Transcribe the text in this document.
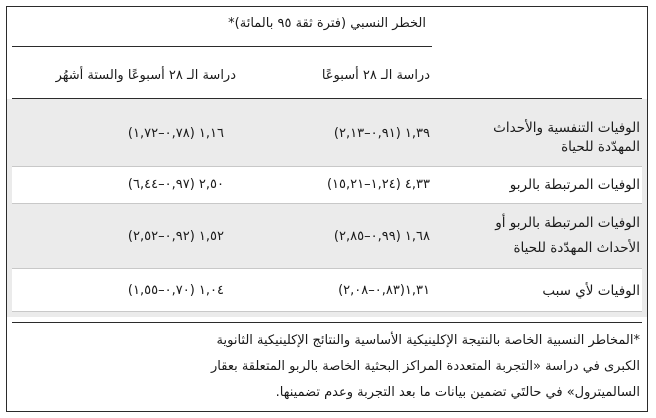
الخطر النسبي (فترة ثقة ٩٥ بالمائة)*
دراسة الـ ٢٨ أسبوعًا
دراسة الـ ٢٨ أسبوعًا والستة أشهُر
الوفيات التنفسية والأحداث
المهدّدة للحياة
١,٣٩ (٠,٩١–٢,١٣)
١,١٦ (٠,٧٨–١,٧٢)
الوفيات المرتبطة بالربو
٤,٣٣ (١,٢٤–١٥,٢١)
٢,٥٠ (٠,٩٧–٦,٤٤)
الوفيات المرتبطة بالربو أو
الأحداث المهدّدة للحياة
١,٦٨ (٠,٩٩–٢,٨٥)
١,٥٢ (٠,٩٢–٢,٥٢)
الوفيات لأي سبب
١,٣١(٠,٨٣–٢,٠٨)
١,٠٤ (٠,٧٠–١,٥٥)
*المخاطر النسبية الخاصة بالنتيجة الإكلينيكية الأساسية والنتائج الإكلينيكية الثانوية
الكبرى في دراسة «التجربة المتعددة المراكز البحثية الخاصة بالربو المتعلقة بعقار
السالميترول» في حالتَي تضمين بيانات ما بعد التجربة وعدم تضمينها.
